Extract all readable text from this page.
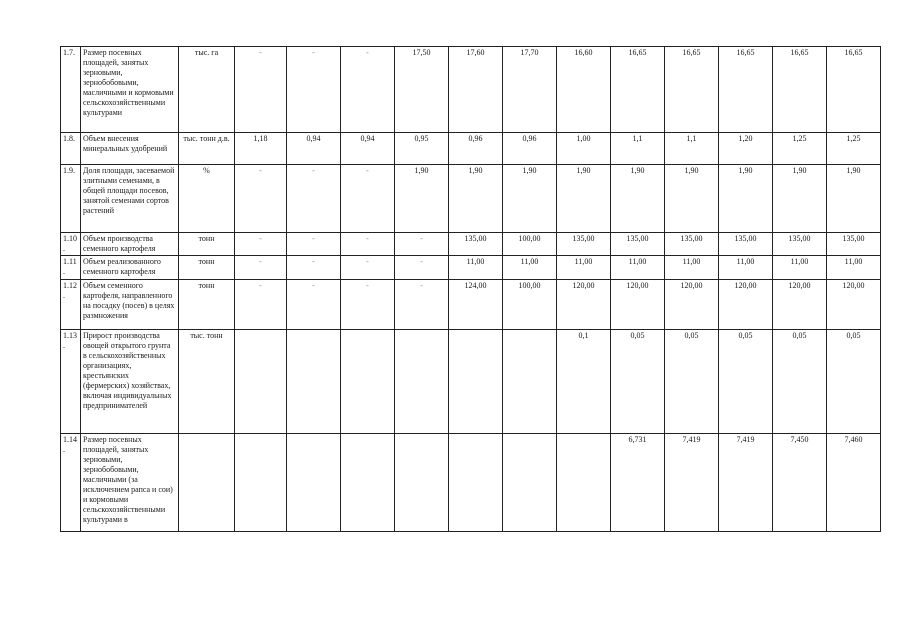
1.7.	Размер посевных площадей, занятых зерновыми, зернобобовыми, масличными и кормовыми сельскохозяйственными культурами	тыс. га	-	-	-	17,50	17,60	17,70	16,60	16,65	16,65	16,65	16,65	16,65
1.8.	Объем внесения минеральных удобрений	тыс. тонн д.в.	1,18	0,94	0,94	0,95	0,96	0,96	1,00	1,1	1,1	1,20	1,25	1,25
1.9.	Доля площади, засеваемой элитными семенами, в общей площади посевов, занятой семенами сортов растений	%	-	-	-	1,90	1,90	1,90	1,90	1,90	1,90	1,90	1,90	1,90
1.10.	Объем производства семенного картофеля	тонн	-	-	-	-	135,00	100,00	135,00	135,00	135,00	135,00	135,00	135,00
1.11.	Объем реализованного семенного картофеля	тонн	-	-	-	-	11,00	11,00	11,00	11,00	11,00	11,00	11,00	11,00
1.12.	Объем семенного картофеля, направленного на посадку (посев) в целях размножения	тонн	-	-	-	-	124,00	100,00	120,00	120,00	120,00	120,00	120,00	120,00
1.13.	Прирост производства овощей открытого грунта в сельскохозяйственных организациях, крестьянских (фермерских) хозяйствах, включая индивидуальных предпринимателей	тыс. тонн							0,1	0,05	0,05	0,05	0,05	0,05
1.14.	Размер посевных площадей, занятых зерновыми, зернобобовыми, масличными (за исключением рапса и сои) и кормовыми сельскохозяйственными культурами в									6,731	7,419	7,419	7,450	7,460
